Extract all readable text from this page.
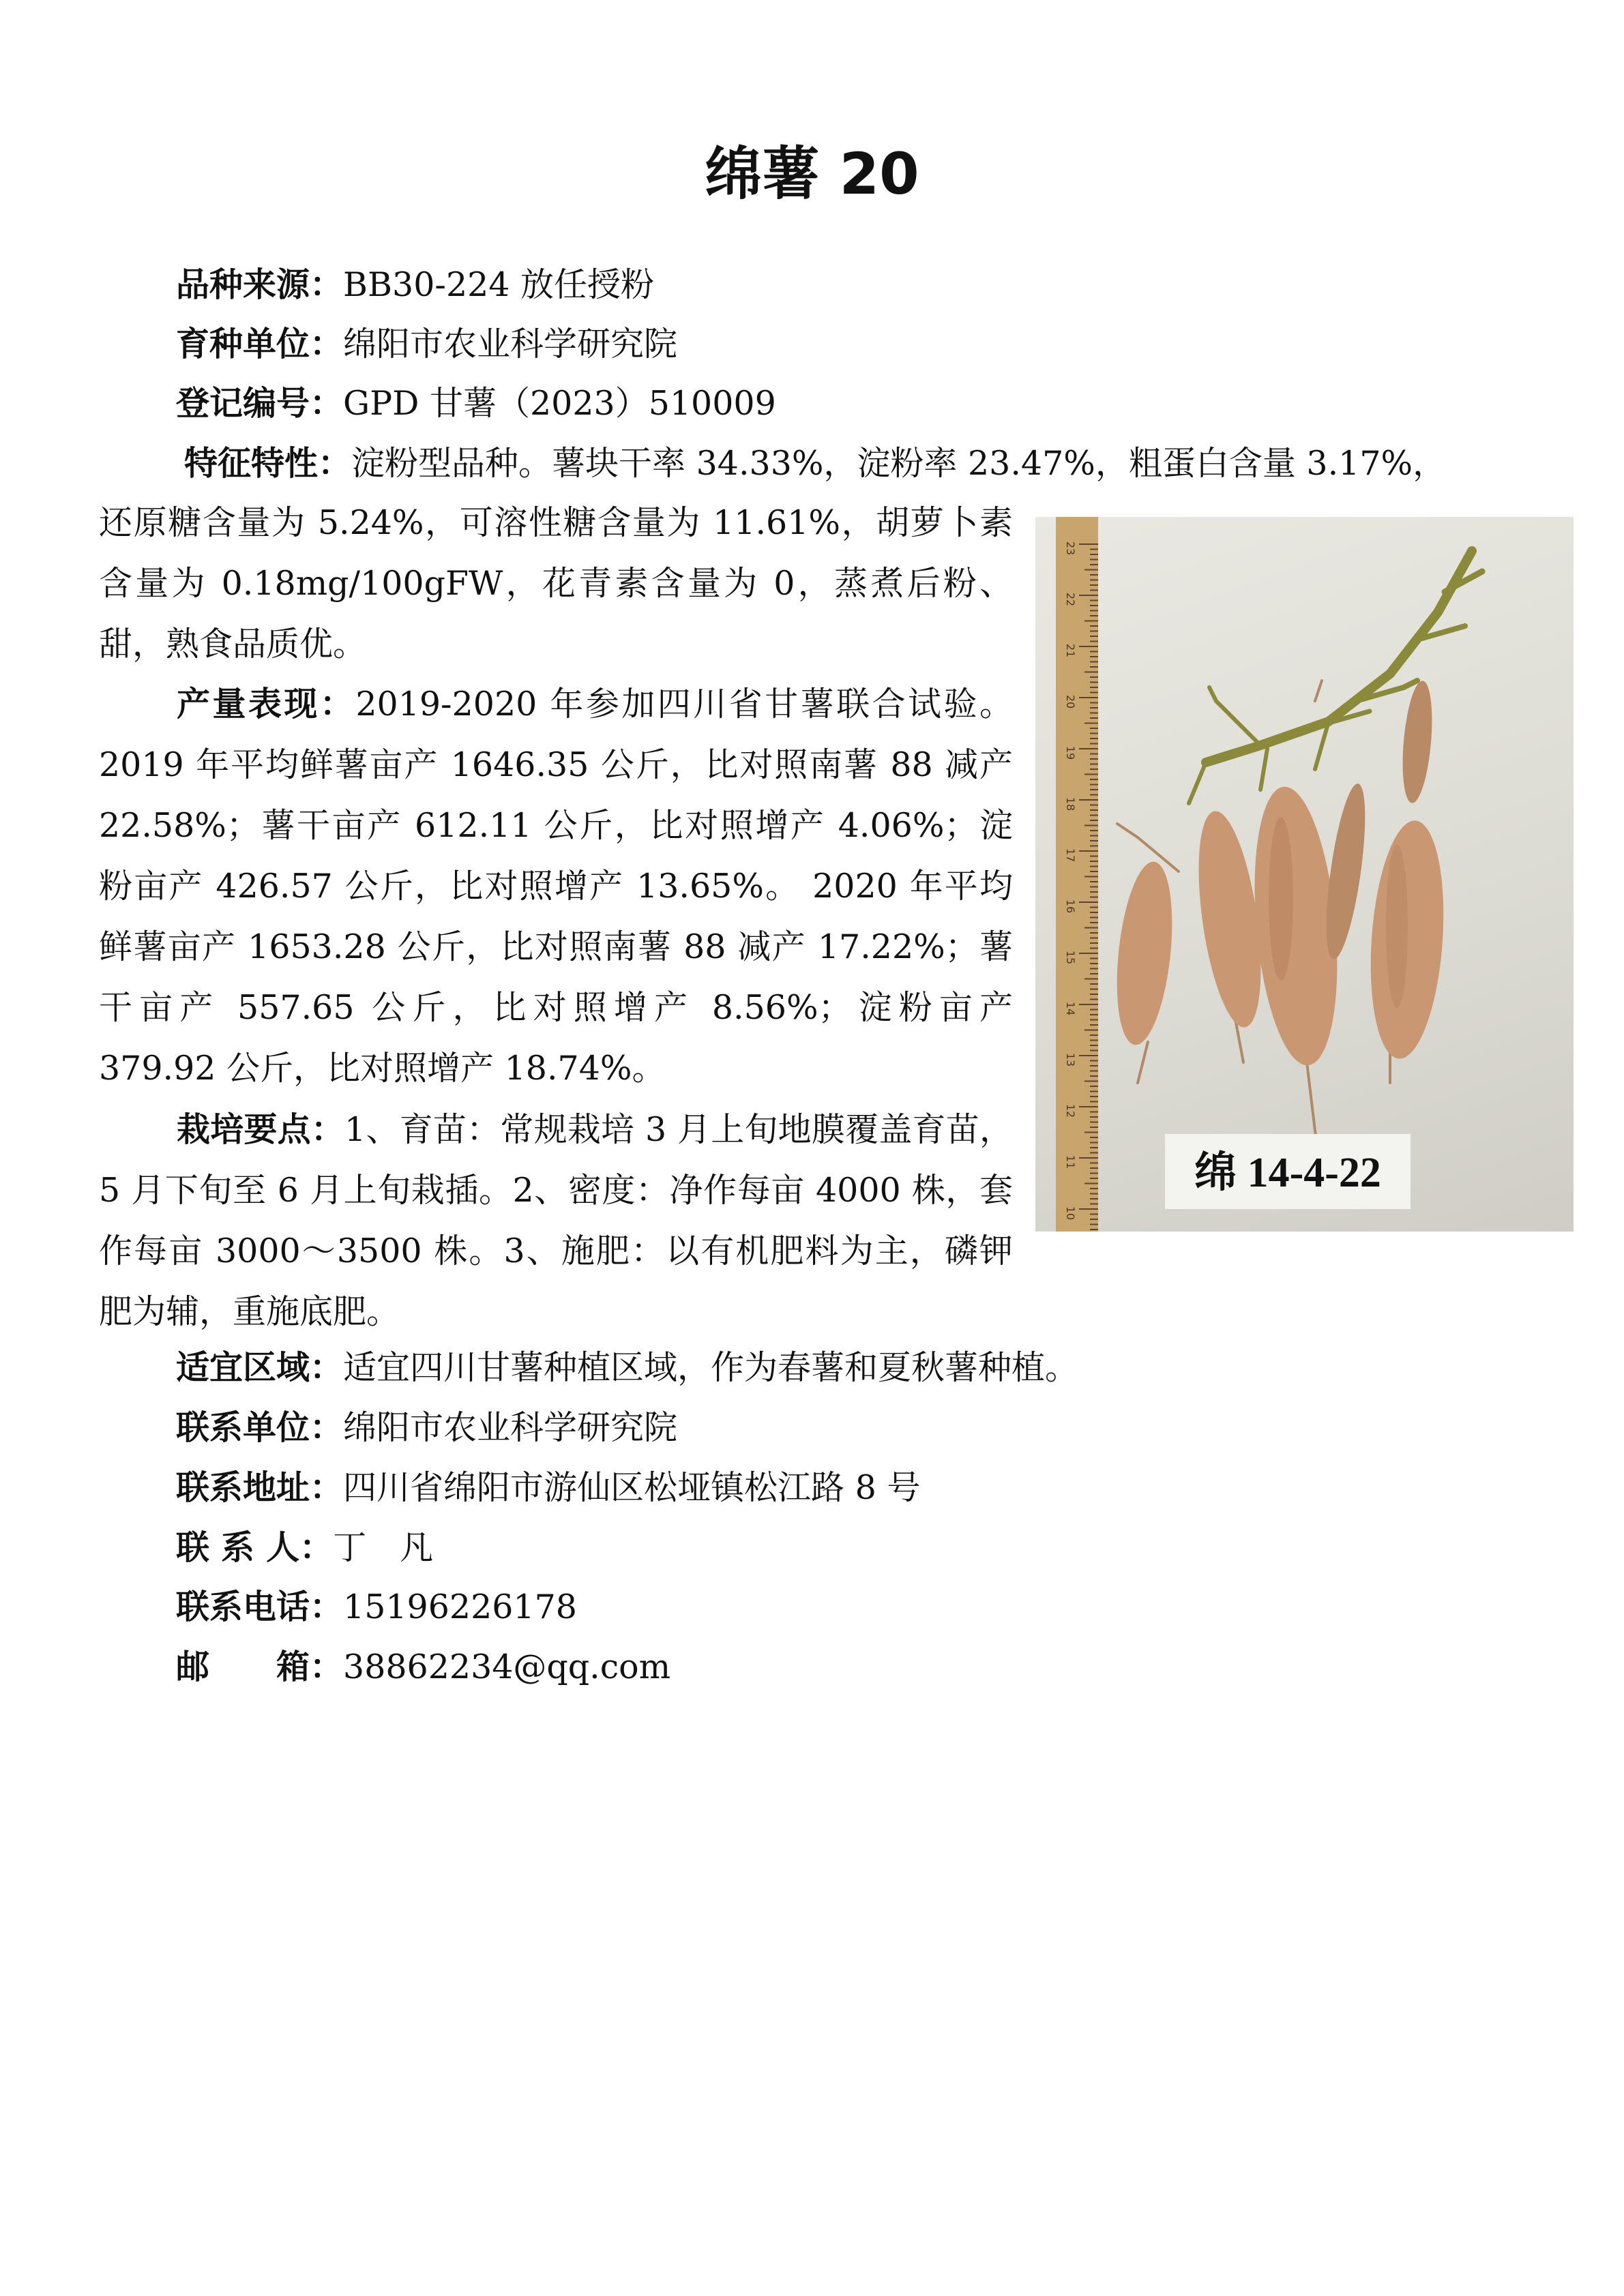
绵薯 20
品种来源：BB30-224 放任授粉
育种单位：绵阳市农业科学研究院
登记编号：GPD 甘薯（2023）510009
特征特性：淀粉型品种。薯块干率 34.33%，淀粉率 23.47%，粗蛋白含量 3.17%，
还原糖含量为 5.24%，可溶性糖含量为 11.61%，胡萝卜素含量为 0.18mg/100gFW，花青素含量为 0，蒸煮后粉、甜，熟食品质优。
产量表现：2019-2020 年参加四川省甘薯联合试验。2019 年平均鲜薯亩产 1646.35 公斤，比对照南薯 88 减产 22.58%；薯干亩产 612.11 公斤，比对照增产 4.06%；淀粉亩产 426.57 公斤，比对照增产 13.65%。 2020 年平均鲜薯亩产 1653.28 公斤，比对照南薯 88 减产 17.22%；薯干亩产 557.65 公斤，比对照增产 8.56%；淀粉亩产 379.92 公斤，比对照增产 18.74%。
栽培要点：1、育苗：常规栽培 3 月上旬地膜覆盖育苗，5 月下旬至 6 月上旬栽插。2、密度：净作每亩 4000 株，套作每亩 3000～3500 株。3、施肥：以有机肥料为主，磷钾肥为辅，重施底肥。
适宜区域：适宜四川甘薯种植区域，作为春薯和夏秋薯种植。
联系单位：绵阳市农业科学研究院
联系地址：四川省绵阳市游仙区松垭镇松江路 8 号
联 系 人：丁　凡
联系电话：15196226178
邮　　箱：38862234@qq.com
23
22
21
20
19
18
17
16
15
14
13
12
11
10
绵 14-4-22
